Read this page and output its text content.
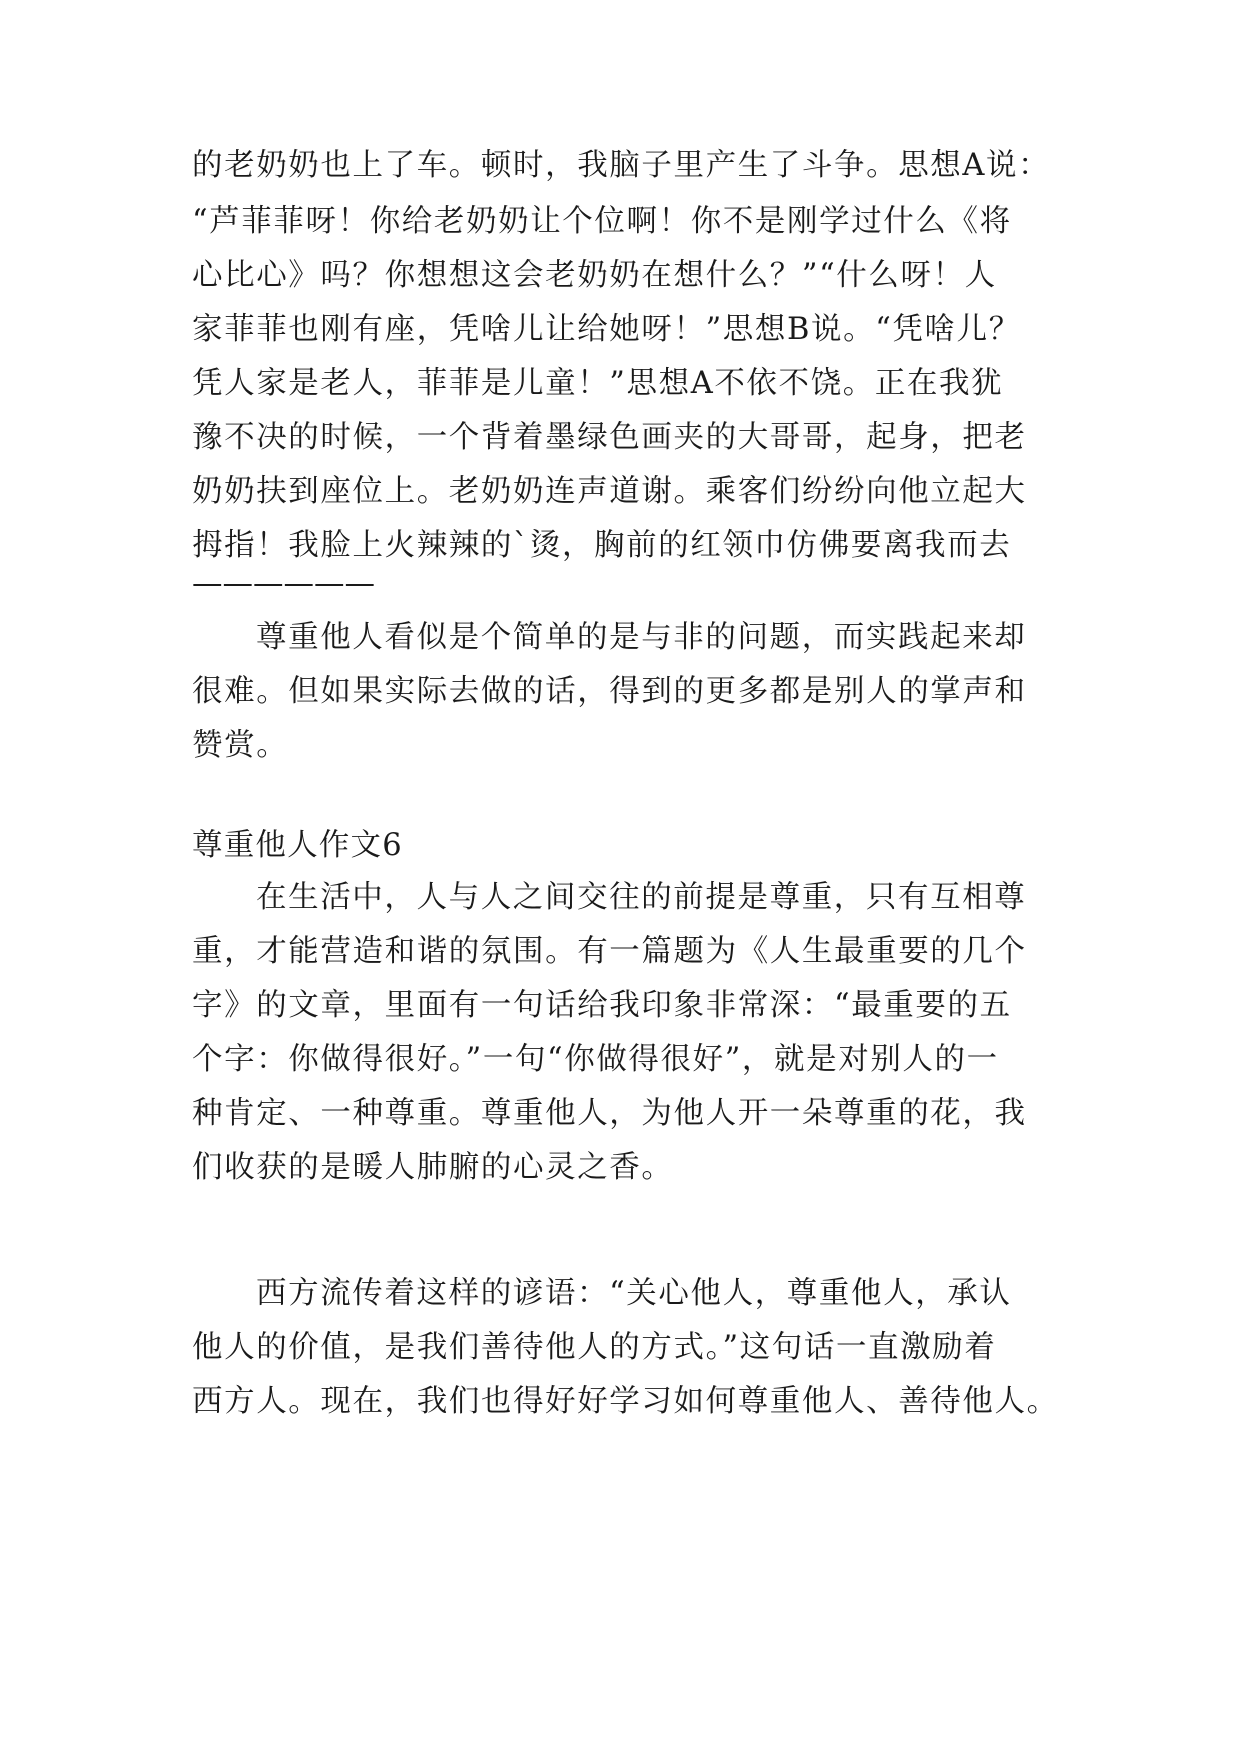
的老奶奶也上了车。顿时，我脑子里产生了斗争。思想A说：
“芦菲菲呀！你给老奶奶让个位啊！你不是刚学过什么《将
心比心》吗？你想想这会老奶奶在想什么？”“什么呀！人
家菲菲也刚有座，凭啥儿让给她呀！”思想B说。“凭啥儿？
凭人家是老人，菲菲是儿童！”思想A不依不饶。正在我犹
豫不决的时候，一个背着墨绿色画夹的大哥哥，起身，把老
奶奶扶到座位上。老奶奶连声道谢。乘客们纷纷向他立起大
拇指！我脸上火辣辣的`烫，胸前的红领巾仿佛要离我而去
——————
尊重他人看似是个简单的是与非的问题，而实践起来却
很难。但如果实际去做的话，得到的更多都是别人的掌声和
赞赏。
尊重他人作文6
在生活中，人与人之间交往的前提是尊重，只有互相尊
重，才能营造和谐的氛围。有一篇题为《人生最重要的几个
字》的文章，里面有一句话给我印象非常深：“最重要的五
个字：你做得很好。”一句“你做得很好”，就是对别人的一
种肯定、一种尊重。尊重他人，为他人开一朵尊重的花，我
们收获的是暖人肺腑的心灵之香。
西方流传着这样的谚语：“关心他人，尊重他人，承认
他人的价值，是我们善待他人的方式。”这句话一直激励着
西方人。现在，我们也得好好学习如何尊重他人、善待他人。
